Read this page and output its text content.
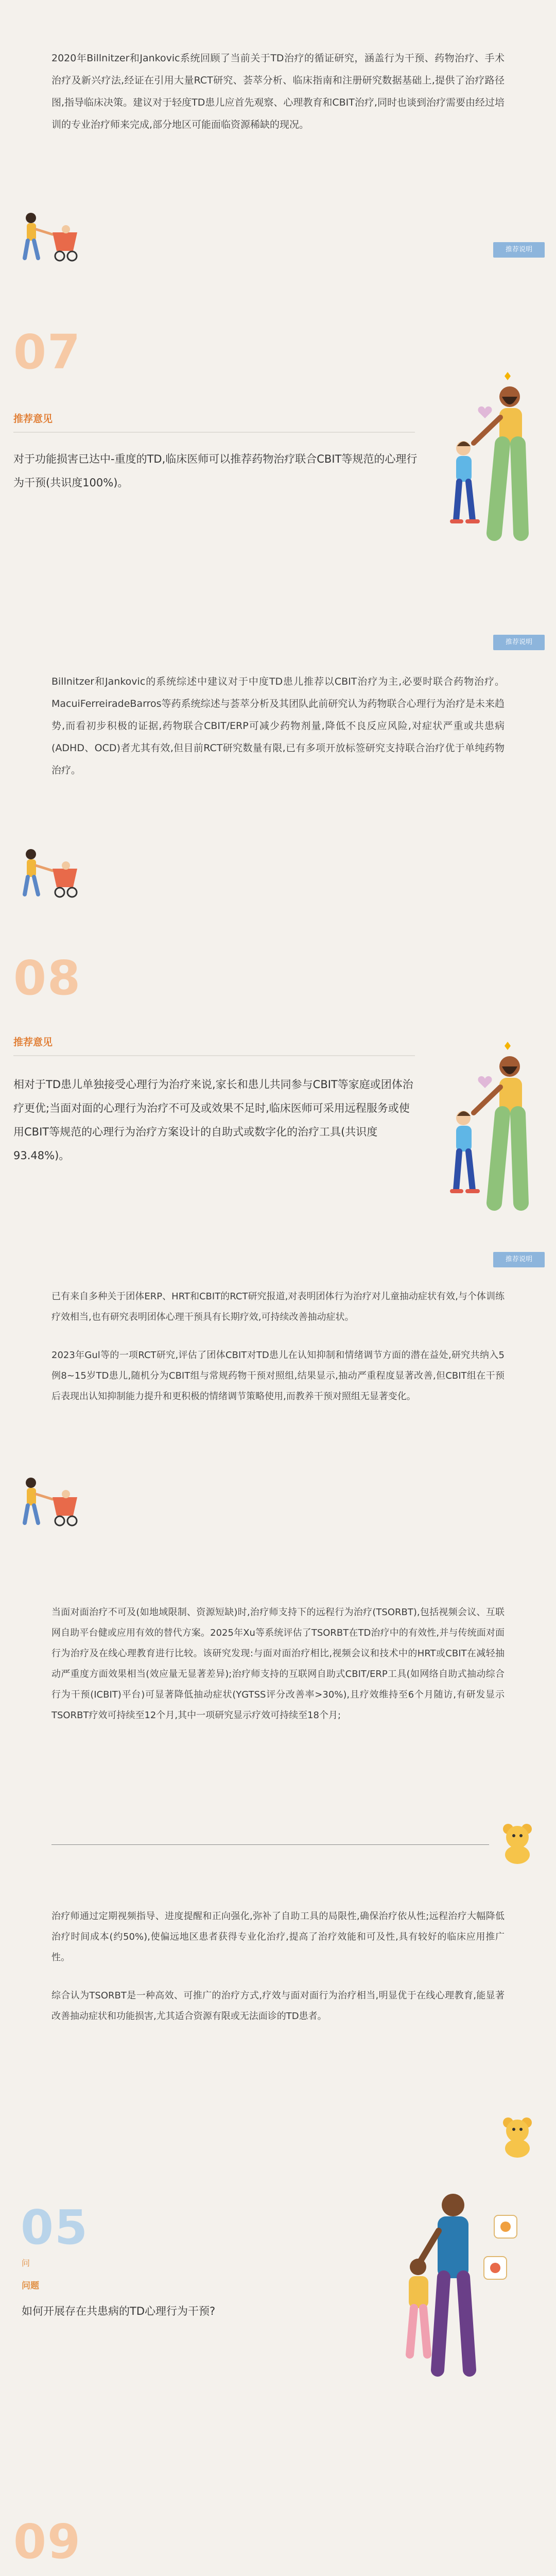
2020年Billnitzer和Jankovic系统回顾了当前关于TD治疗的循证研究，涵盖行为干预、药物治疗、手术治疗及新兴疗法,经证在引用大量RCT研究、荟萃分析、临床指南和注册研究数据基础上,提供了治疗路径图,指导临床决策。建议对于轻度TD患儿应首先观察、心理教育和CBIT治疗,同时也谈到治疗需要由经过培训的专业治疗师来完成,部分地区可能面临资源稀缺的现况。

推荐说明
07
推荐意见
对于功能损害已达中-重度的TD,临床医师可以推荐药物治疗联合CBIT等规范的心理行为干预(共识度100%)。
推荐说明

Billnitzer和Jankovic的系统综述中建议对于中度TD患儿推荐以CBIT治疗为主,必要时联合药物治疗。MacuiFerreiradeBarros等药系统综述与荟萃分析及其团队此前研究认为药物联合心理行为治疗是未来趋势,而看初步积极的证据,药物联合CBIT/ERP可减少药物剂量,降低不良反应风险,对症状严重或共患病(ADHD、OCD)者尤其有效,但目前RCT研究数量有限,已有多项开放标签研究支持联合治疗优于单纯药物治疗。

08
推荐意见
相对于TD患儿单独接受心理行为治疗来说,家长和患儿共同参与CBIT等家庭或团体治疗更优;当面对面的心理行为治疗不可及或效果不足时,临床医师可采用远程服务或使用CBIT等规范的心理行为治疗方案设计的自助式或数字化的治疗工具(共识度93.48%)。
推荐说明

已有来自多种关于团体ERP、HRT和CBIT的RCT研究报道,对表明团体行为治疗对儿童抽动症状有效,与个体训练疗效相当,也有研究表明团体心理干预具有长期疗效,可持续改善抽动症状。

2023年Gul等的一项RCT研究,评估了团体CBIT对TD患儿在认知抑制和情绪调节方面的潜在益处,研究共纳入5例8~15岁TD患儿,随机分为CBIT组与常规药物干预对照组,结果显示,抽动严重程度显著改善,但CBIT组在干预后表现出认知抑制能力提升和更积极的情绪调节策略使用,而教养干预对照组无显著变化。

当面对面治疗不可及(如地域限制、资源短缺)时,治疗师支持下的远程行为治疗(TSORBT),包括视频会议、互联网自助平台健或应用有效的替代方案。2025年Xu等系统评估了TSORBT在TD治疗中的有效性,并与传统面对面行为治疗及在线心理教育进行比较。该研究发现:与面对面治疗相比,视频会议和技术中的HRT或CBIT在减轻抽动严重度方面效果相当(效应量无显著差异);治疗师支持的互联网自助式CBIT/ERP工具(如网络自助式抽动综合行为干预(ICBIT)平台)可显著降低抽动症状(YGTSS评分改善率>30%),且疗效维持至6个月随访,有研发显示TSORBT疗效可持续至12个月,其中一项研究显示疗效可持续至18个月;

治疗师通过定期视频指导、进度提醒和正向强化,弥补了自助工具的局限性,确保治疗依从性;远程治疗大幅降低治疗时间成本(约50%),使偏远地区患者获得专业化治疗,提高了治疗效能和可及性,具有较好的临床应用推广性。

综合认为TSORBT是一种高效、可推广的治疗方式,疗效与面对面行为治疗相当,明显优于在线心理教育,能显著改善抽动症状和功能损害,尤其适合资源有限或无法面诊的TD患者。

05
问
问题
如何开展存在共患病的TD心理行为干预?
09
